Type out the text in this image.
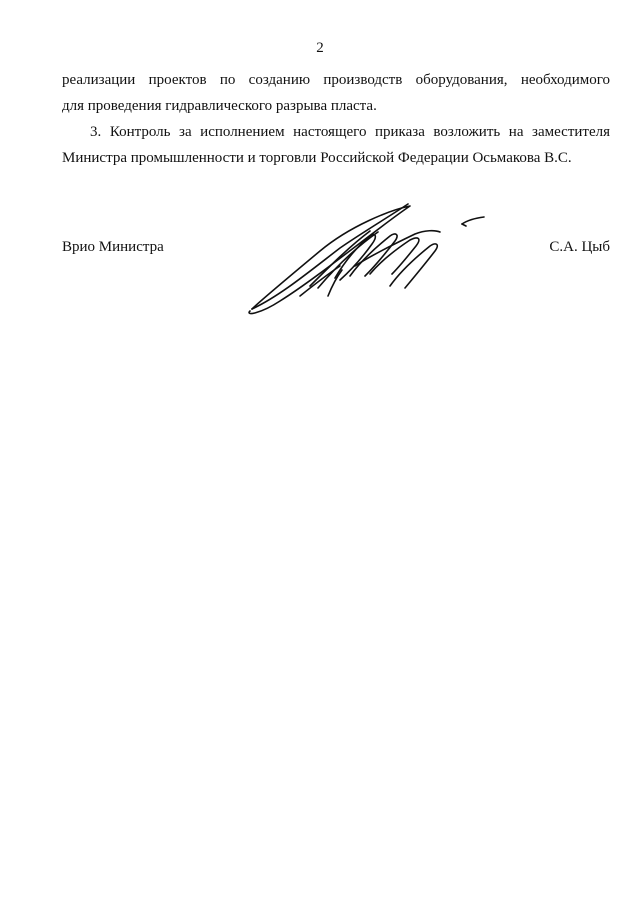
2
реализации проектов по созданию производств оборудования, необходимого
для проведения гидравлического разрыва пласта.
3. Контроль за исполнением настоящего приказа возложить на заместителя
Министра промышленности и торговли Российской Федерации Осьмакова В.С.
Врио Министра	С.А. Цыб
